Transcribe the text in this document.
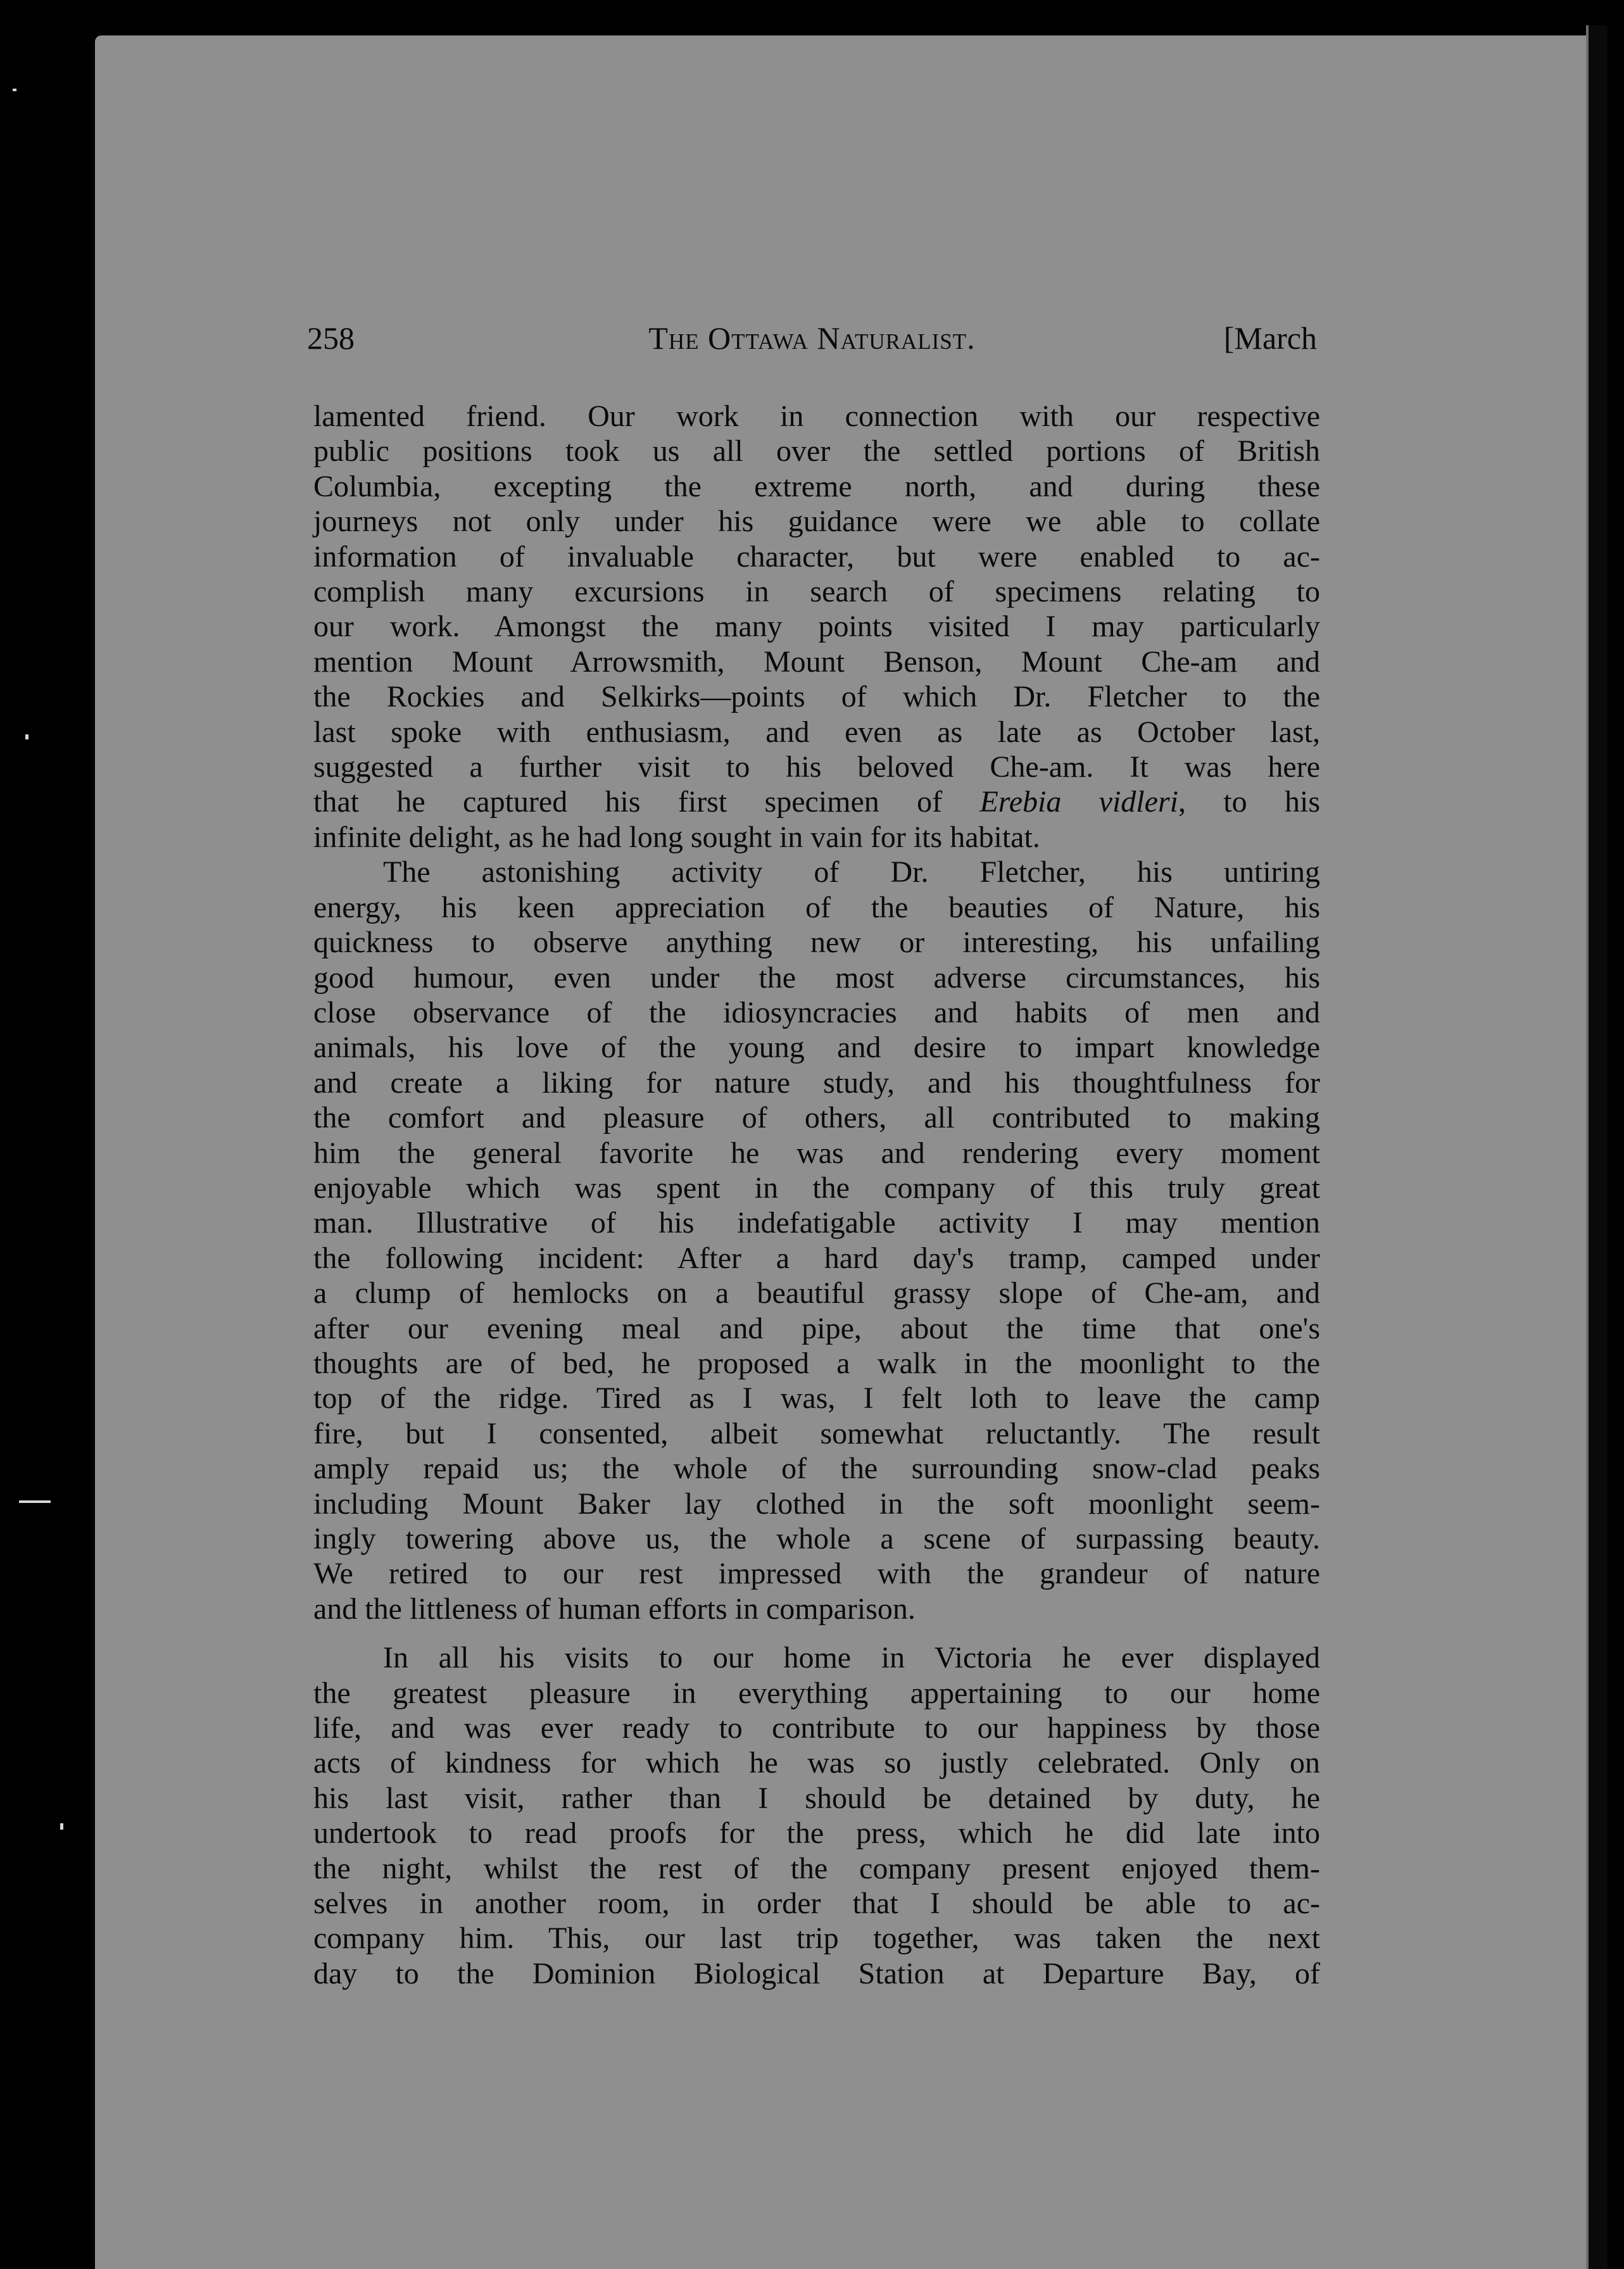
258	The Ottawa Naturalist.	[March
lamented friend. Our work in connection with our respective
public positions took us all over the settled portions of British
Columbia, excepting the extreme north, and during these
journeys not only under his guidance were we able to collate
information of invaluable character, but were enabled to ac-
complish many excursions in search of specimens relating to
our work. Amongst the many points visited I may particularly
mention Mount Arrowsmith, Mount Benson, Mount Che-am and
the Rockies and Selkirks—points of which Dr. Fletcher to the
last spoke with enthusiasm, and even as late as October last,
suggested a further visit to his beloved Che-am. It was here
that he captured his first specimen of Erebia vidleri, to his
infinite delight, as he had long sought in vain for its habitat.
The astonishing activity of Dr. Fletcher, his untiring
energy, his keen appreciation of the beauties of Nature, his
quickness to observe anything new or interesting, his unfailing
good humour, even under the most adverse circumstances, his
close observance of the idiosyncracies and habits of men and
animals, his love of the young and desire to impart knowledge
and create a liking for nature study, and his thoughtfulness for
the comfort and pleasure of others, all contributed to making
him the general favorite he was and rendering every moment
enjoyable which was spent in the company of this truly great
man. Illustrative of his indefatigable activity I may mention
the following incident: After a hard day's tramp, camped under
a clump of hemlocks on a beautiful grassy slope of Che-am, and
after our evening meal and pipe, about the time that one's
thoughts are of bed, he proposed a walk in the moonlight to the
top of the ridge. Tired as I was, I felt loth to leave the camp
fire, but I consented, albeit somewhat reluctantly. The result
amply repaid us; the whole of the surrounding snow-clad peaks
including Mount Baker lay clothed in the soft moonlight seem-
ingly towering above us, the whole a scene of surpassing beauty.
We retired to our rest impressed with the grandeur of nature
and the littleness of human efforts in comparison.
In all his visits to our home in Victoria he ever displayed
the greatest pleasure in everything appertaining to our home
life, and was ever ready to contribute to our happiness by those
acts of kindness for which he was so justly celebrated. Only on
his last visit, rather than I should be detained by duty, he
undertook to read proofs for the press, which he did late into
the night, whilst the rest of the company present enjoyed them-
selves in another room, in order that I should be able to ac-
company him. This, our last trip together, was taken the next
day to the Dominion Biological Station at Departure Bay, of
